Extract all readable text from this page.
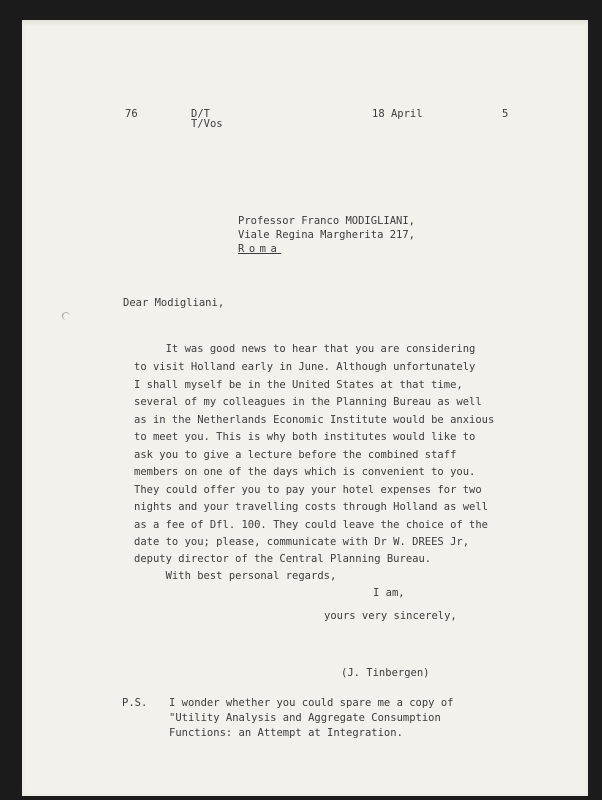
76	D/T
T/Vos
18 April	5
Professor Franco MODIGLIANI,
Viale Regina Margherita 217,
Roma
Dear Modigliani,
It was good news to hear that you are considering
to visit Holland early in June. Although unfortunately
I shall myself be in the United States at that time,
several of my colleagues in the Planning Bureau as well
as in the Netherlands Economic Institute would be anxious
to meet you. This is why both institutes would like to
ask you to give a lecture before the combined staff
members on one of the days which is convenient to you.
They could offer you to pay your hotel expenses for two
nights and your travelling costs through Holland as well
as a fee of Dfl. 100. They could leave the choice of the
date to you; please, communicate with Dr W. DREES Jr,
deputy director of the Central Planning Bureau.
With best personal regards,
I am,
yours very sincerely,
(J. Tinbergen)
P.S. I wonder whether you could spare me a copy of
"Utility Analysis and Aggregate Consumption
Functions: an Attempt at Integration.
